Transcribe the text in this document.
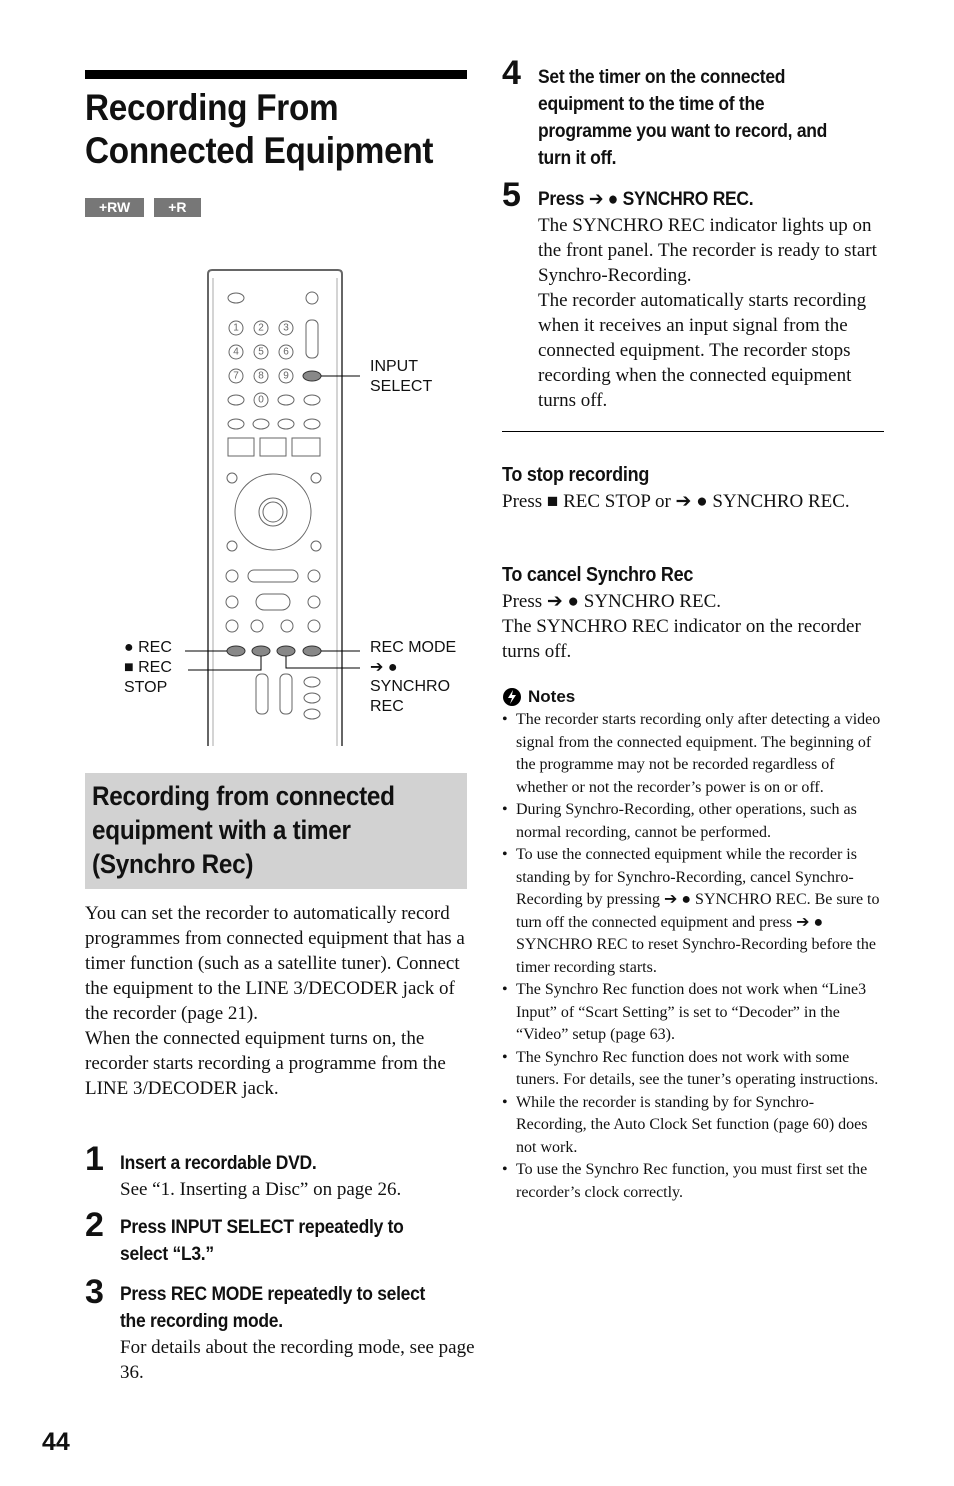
Recording From Connected Equipment
+RW	+R
1 2 3
4 5 6
7 8 9
0
INPUT
SELECT
● REC
■ REC
STOP
REC MODE
➔ ●
SYNCHRO
REC
Recording from connected equipment with a timer (Synchro Rec)

You can set the recorder to automatically record programmes from connected equipment that has a timer function (such as a satellite tuner). Connect the equipment to the LINE 3/DECODER jack of the recorder (page 21).

When the connected equipment turns on, the recorder starts recording a programme from the LINE 3/DECODER jack.

1 Insert a recordable DVD.

See “1. Inserting a Disc” on page 26.

2 Press INPUT SELECT repeatedly to select “L3.”

3 Press REC MODE repeatedly to select the recording mode.

For details about the recording mode, see page 36.

44
4 Set the timer on the connected equipment to the time of the programme you want to record, and turn it off.

5 Press ➔ ● SYNCHRO REC.

The SYNCHRO REC indicator lights up on the front panel. The recorder is ready to start Synchro-Recording.

The recorder automatically starts recording when it receives an input signal from the connected equipment. The recorder stops recording when the connected equipment turns off.

To stop recording

Press ■ REC STOP or ➔ ● SYNCHRO REC.

To cancel Synchro Rec

Press ➔ ● SYNCHRO REC.

The SYNCHRO REC indicator on the recorder turns off.

Notes
• The recorder starts recording only after detecting a video signal from the connected equipment. The beginning of the programme may not be recorded regardless of whether or not the recorder’s power is on or off.
• During Synchro-Recording, other operations, such as normal recording, cannot be performed.
• To use the connected equipment while the recorder is standing by for Synchro-Recording, cancel Synchro-Recording by pressing ➔ ● SYNCHRO REC. Be sure to turn off the connected equipment and press ➔ ● SYNCHRO REC to reset Synchro-Recording before the timer recording starts.
• The Synchro Rec function does not work when “Line3 Input” of “Scart Setting” is set to “Decoder” in the “Video” setup (page 63).
• The Synchro Rec function does not work with some tuners. For details, see the tuner’s operating instructions.
• While the recorder is standing by for Synchro-Recording, the Auto Clock Set function (page 60) does not work.
• To use the Synchro Rec function, you must first set the recorder’s clock correctly.
